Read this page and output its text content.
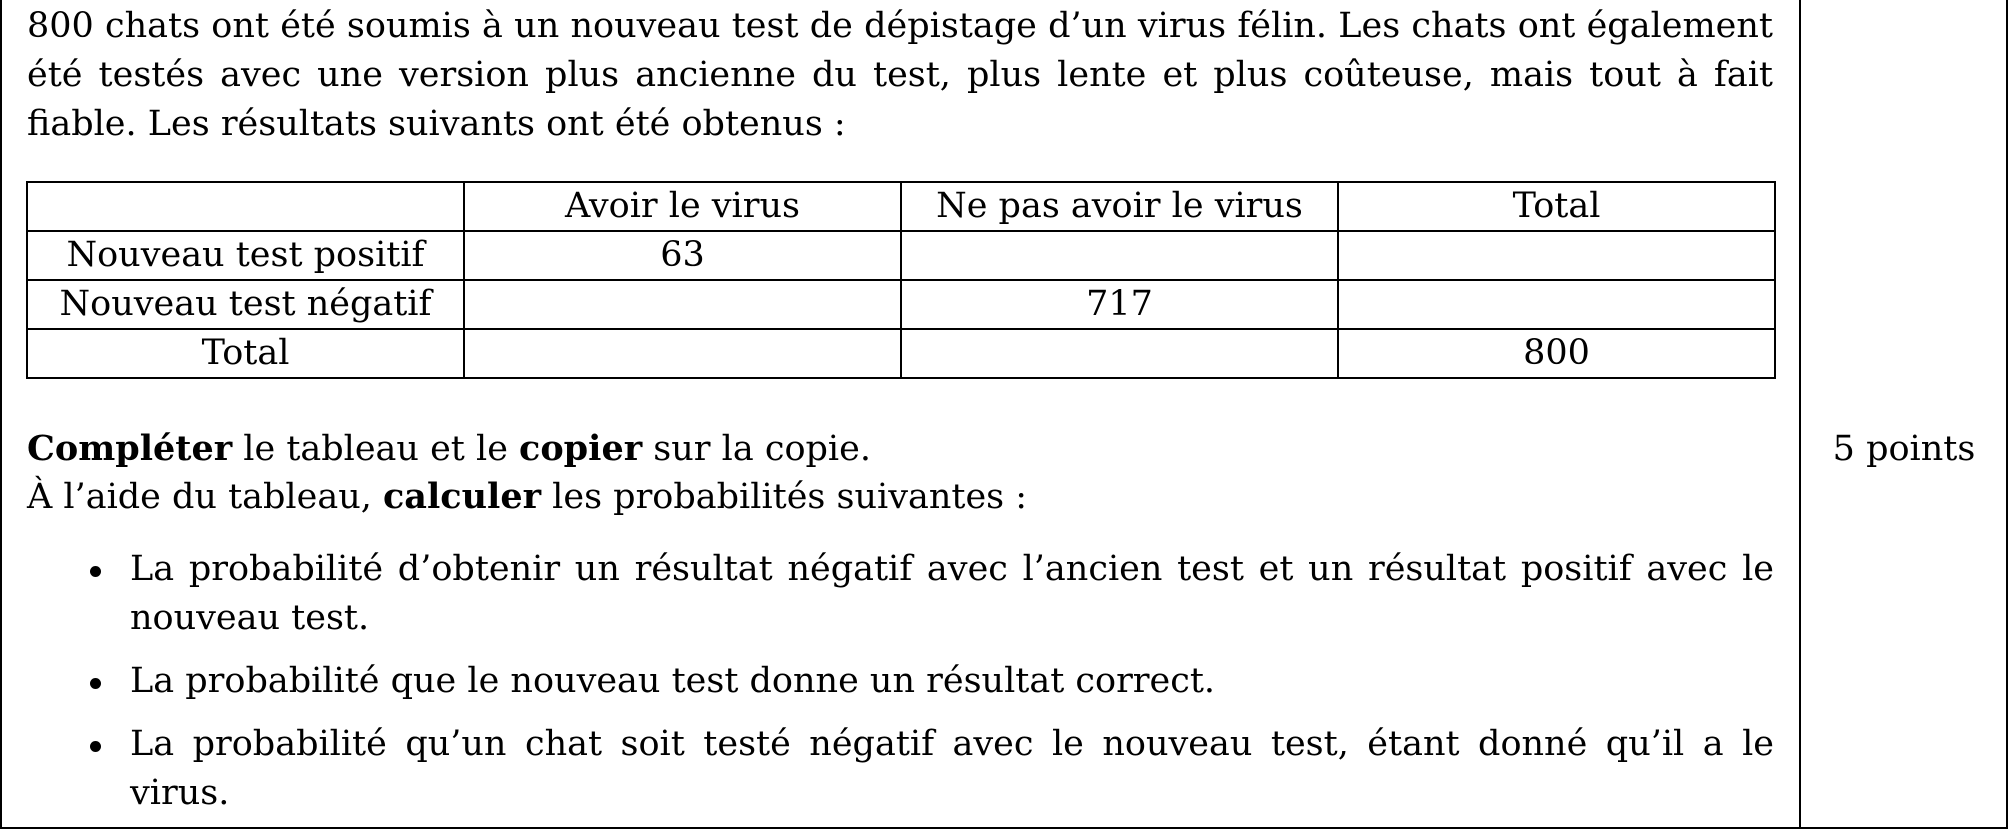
800 chats ont été soumis à un nouveau test de dépistage d’un virus félin. Les chats ont également
été testés avec une version plus ancienne du test, plus lente et plus coûteuse, mais tout à fait
fiable. Les résultats suivants ont été obtenus :
	Avoir le virus	Ne pas avoir le virus	Total
Nouveau test positif	63		
Nouveau test négatif		717	
Total			800
Compléter le tableau et le copier sur la copie.
À l’aide du tableau, calculer les probabilités suivantes :
La probabilité d’obtenir un résultat négatif avec l’ancien test et un résultat positif avec le nouveau test.
La probabilité que le nouveau test donne un résultat correct.
La probabilité qu’un chat soit testé négatif avec le nouveau test, étant donné qu’il a le virus.
5 points
